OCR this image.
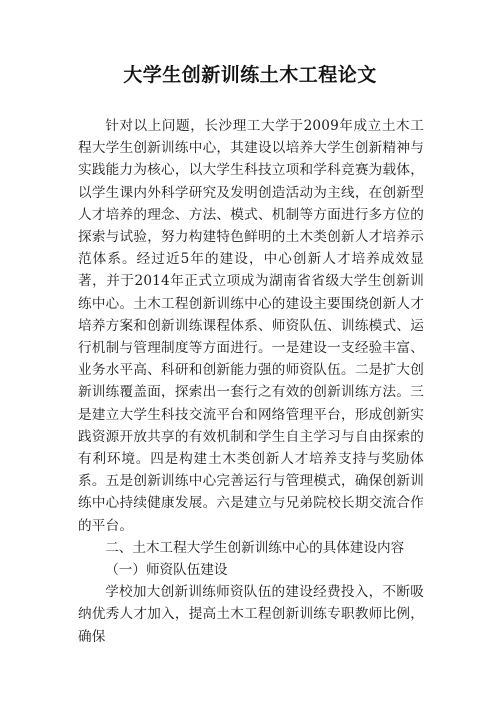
大学生创新训练土木工程论文

针对以上问题，长沙理工大学于2009年成立土木工程大学生创新训练中心，其建设以培养大学生创新精神与实践能力为核心，以大学生科技立项和学科竞赛为载体，以学生课内外科学研究及发明创造活动为主线，在创新型人才培养的理念、方法、模式、机制等方面进行多方位的探索与试验，努力构建特色鲜明的土木类创新人才培养示范体系。经过近5年的建设，中心创新人才培养成效显著，并于2014年正式立项成为湖南省省级大学生创新训练中心。土木工程创新训练中心的建设主要围绕创新人才培养方案和创新训练课程体系、师资队伍、训练模式、运行机制与管理制度等方面进行。一是建设一支经验丰富、业务水平高、科研和创新能力强的师资队伍。二是扩大创新训练覆盖面，探索出一套行之有效的创新训练方法。三是建立大学生科技交流平台和网络管理平台，形成创新实践资源开放共享的有效机制和学生自主学习与自由探索的有利环境。四是构建土木类创新人才培养支持与奖励体系。五是创新训练中心完善运行与管理模式，确保创新训练中心持续健康发展。六是建立与兄弟院校长期交流合作的平台。

二、土木工程大学生创新训练中心的具体建设内容

（一）师资队伍建设

学校加大创新训练师资队伍的建设经费投入，不断吸纳优秀人才加入，提高土木工程创新训练专职教师比例，确保
